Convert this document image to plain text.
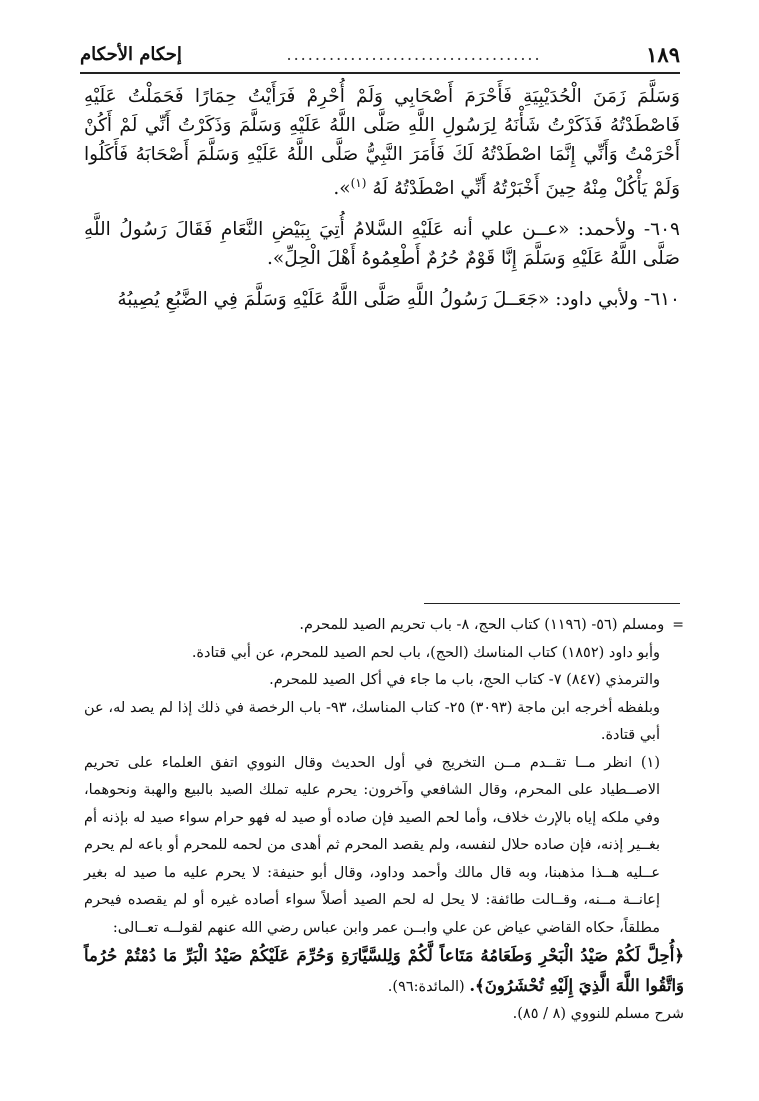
١٨٩
....................................
إحكام الأحكام

وَسَلَّمَ زَمَنَ الْحُدَيْبِيَةِ فَأَحْرَمَ أَصْحَابِي وَلَمْ أُحْرِمْ فَرَأَيْتُ حِمَارًا فَحَمَلْتُ عَلَيْهِ فَاصْطَدْتُهُ فَذَكَرْتُ شَأْنَهُ لِرَسُولِ اللَّهِ صَلَّى اللَّهُ عَلَيْهِ وَسَلَّمَ وَذَكَرْتُ أَنِّي لَمْ أَكُنْ أَحْرَمْتُ وَأَنِّي إِنَّمَا اصْطَدْتُهُ لَكَ فَأَمَرَ النَّبِيُّ صَلَّى اللَّهُ عَلَيْهِ وَسَلَّمَ أَصْحَابَهُ فَأَكَلُوا وَلَمْ يَأْكُلْ مِنْهُ حِينَ أَخْبَرْتُهُ أَنِّي اصْطَدْتُهُ لَهُ $^{(١)}$».

٦٠٩- ولأحمد: «عــن علي أنه عَلَيْهِ السَّلامُ أُتِيَ بِبَيْضِ النَّعَامِ فَقَالَ رَسُولُ اللَّهِ صَلَّى اللَّهُ عَلَيْهِ وَسَلَّمَ إِنَّا قَوْمٌ حُرُمٌ أَطْعِمُوهُ أَهْلَ الْحِلِّ».

٦١٠- ولأبي داود: «جَعَــلَ رَسُولُ اللَّهِ صَلَّى اللَّهُ عَلَيْهِ وَسَلَّمَ فِي الضَّبُعِ يُصِيبُهُ

=ومسلم (٥٦- (١١٩٦) كتاب الحج، ٨- باب تحريم الصيد للمحرم.

وأبو داود (١٨٥٢) كتاب المناسك (الحج)، باب لحم الصيد للمحرم، عن أبي قتادة.

والترمذي (٨٤٧) ٧- كتاب الحج، باب ما جاء في أكل الصيد للمحرم.

وبلفظه أخرجه ابن ماجة (٣٠٩٣) ٢٥- كتاب المناسك، ٩٣- باب الرخصة في ذلك إذا لم يصد له، عن أبي قتادة.

(١) انظر مــا تقــدم مــن التخريج في أول الحديث وقال النووي اتفق العلماء على تحريم الاصــطياد على المحرم، وقال الشافعي وآخرون: يحرم عليه تملك الصيد بالبيع والهبة ونحوهما، وفي ملكه إياه بالإرث خلاف، وأما لحم الصيد فإن صاده أو صيد له فهو حرام سواء صيد له بإذنه أم بغــير إذنه، فإن صاده حلال لنفسه، ولم يقصد المحرم ثم أهدى من لحمه للمحرم أو باعه لم يحرم عــليه هــذا مذهبنا، وبه قال مالك وأحمد وداود، وقال أبو حنيفة: لا يحرم عليه ما صيد له بغير إعانــة مــنه، وقــالت طائفة: لا يحل له لحم الصيد أصلاً سواء أصاده غيره أو لم يقصده فيحرم مطلقاً، حكاه القاضي عياض عن علي وابــن عمر وابن عباس رضي الله عنهم لقولــه تعــالى:

﴿أُحِلَّ لَكُمْ صَيْدُ الْبَحْرِ وَطَعَامُهُ مَتَاعاً لَّكُمْ وَلِلسَّيَّارَةِ وَحُرِّمَ عَلَيْكُمْ صَيْدُ الْبَرِّ مَا دُمْتُمْ حُرُماً وَاتَّقُوا اللَّهَ الَّذِيَ إِلَيْهِ تُحْشَرُونَ﴾. (المائدة:٩٦).

شرح مسلم للنووي (٨ / ٨٥).
